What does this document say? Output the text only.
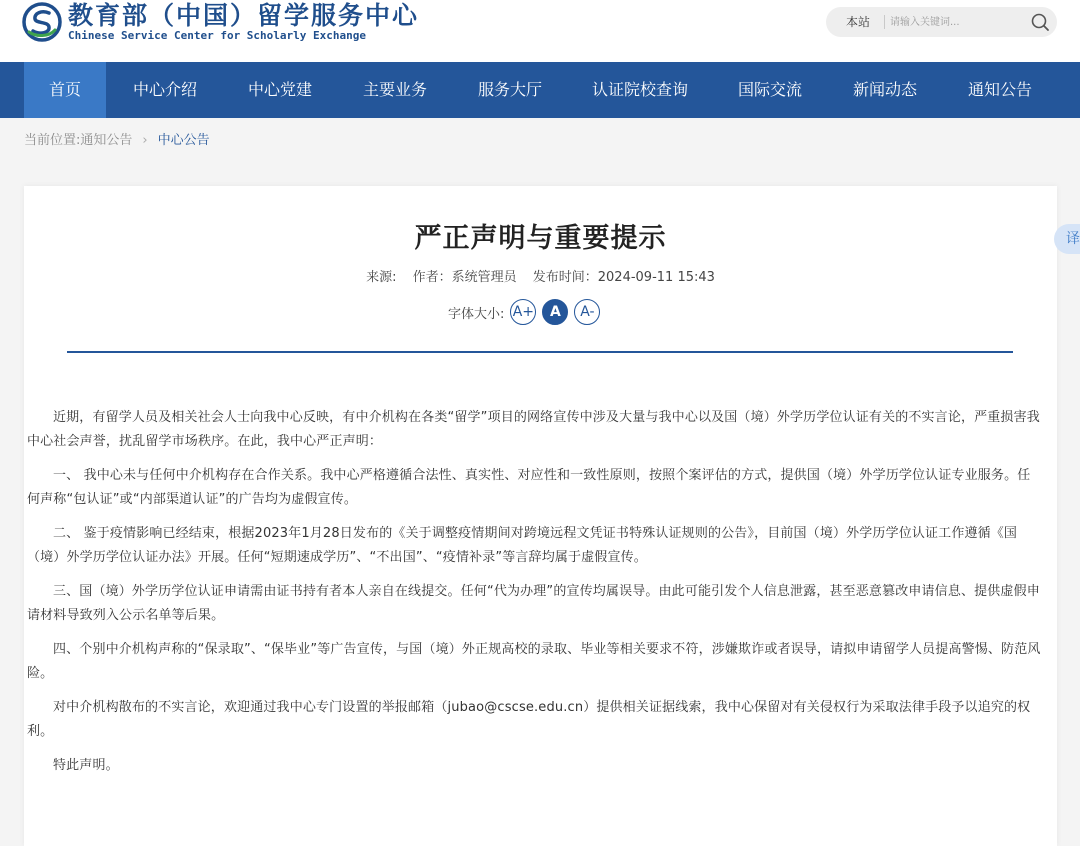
教育部（中国）留学服务中心
Chinese Service Center for Scholarly Exchange
本站
请输入关键词...
首页	中心介绍	中心党建	主要业务	服务大厅	认证院校查询	国际交流	新闻动态	通知公告
当前位置:通知公告 › 中心公告
严正声明与重要提示
来源: 作者：系统管理员 发布时间：2024-09-11 15:43
字体大小: A+	A	A-

近期，有留学人员及相关社会人士向我中心反映，有中介机构在各类“留学”项目的网络宣传中涉及大量与我中心以及国（境）外学历学位认证有关的不实言论，严重损害我中心社会声誉，扰乱留学市场秩序。在此，我中心严正声明：

一、 我中心未与任何中介机构存在合作关系。我中心严格遵循合法性、真实性、对应性和一致性原则，按照个案评估的方式，提供国（境）外学历学位认证专业服务。任何声称“包认证”或“内部渠道认证”的广告均为虚假宣传。

二、 鉴于疫情影响已经结束，根据2023年1月28日发布的《关于调整疫情期间对跨境远程文凭证书特殊认证规则的公告》，目前国（境）外学历学位认证工作遵循《国（境）外学历学位认证办法》开展。任何“短期速成学历”、“不出国”、“疫情补录”等言辞均属于虚假宣传。

三、国（境）外学历学位认证申请需由证书持有者本人亲自在线提交。任何“代为办理”的宣传均属误导。由此可能引发个人信息泄露，甚至恶意篡改申请信息、提供虚假申请材料导致列入公示名单等后果。

四、个别中介机构声称的“保录取”、“保毕业”等广告宣传，与国（境）外正规高校的录取、毕业等相关要求不符，涉嫌欺诈或者误导，请拟申请留学人员提高警惕、防范风险。

对中介机构散布的不实言论，欢迎通过我中心专门设置的举报邮箱（jubao@cscse.edu.cn）提供相关证据线索，我中心保留对有关侵权行为采取法律手段予以追究的权利。

特此声明。

译
